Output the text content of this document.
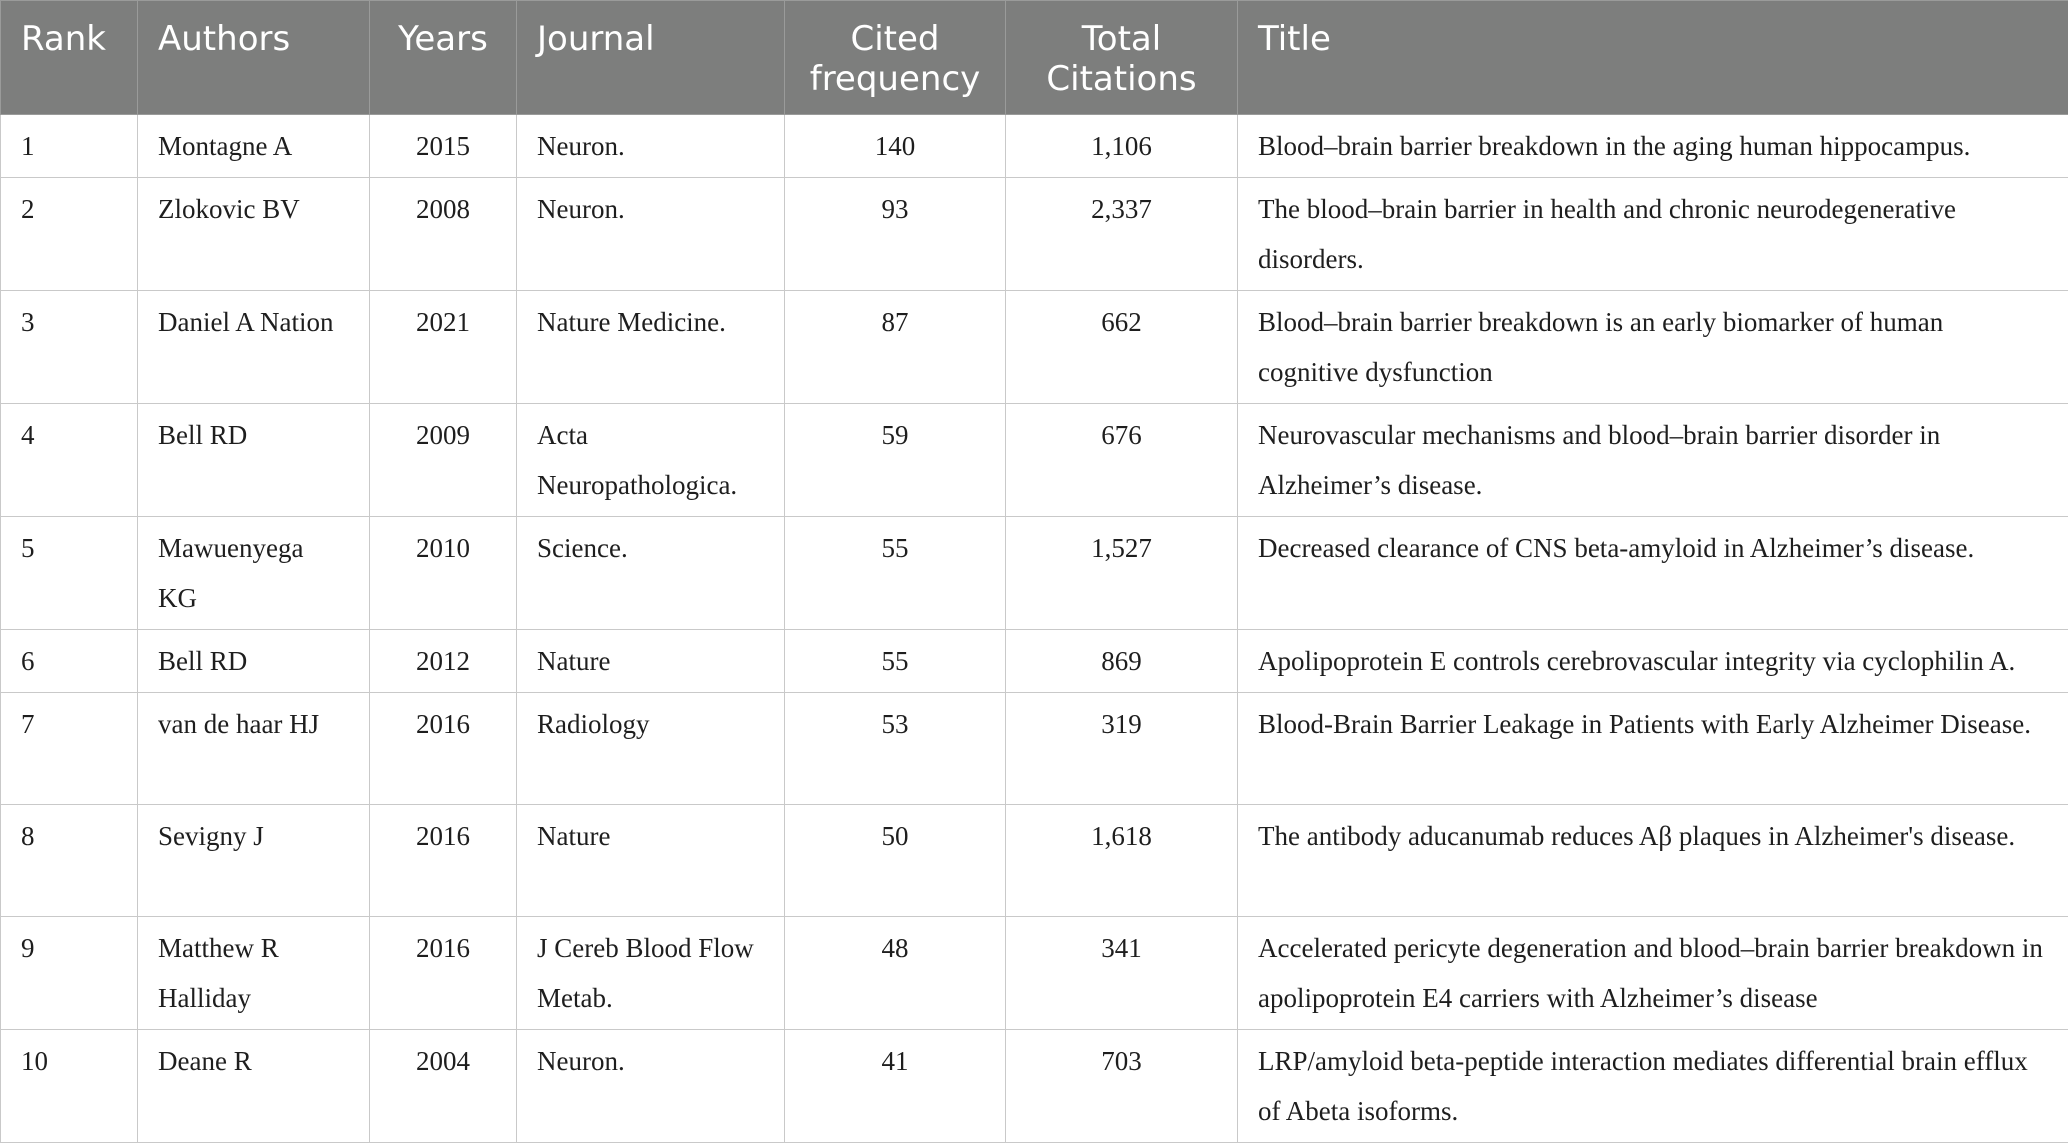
Rank	Authors	Years	Journal	Cited frequency	Total Citations	Title
1	Montagne A	2015	Neuron.	140	1,106	Blood–brain barrier breakdown in the aging human hippocampus.
2	Zlokovic BV	2008	Neuron.	93	2,337	The blood–brain barrier in health and chronic neurodegenerative disorders.
3	Daniel A Nation	2021	Nature Medicine.	87	662	Blood–brain barrier breakdown is an early biomarker of human cognitive dysfunction
4	Bell RD	2009	Acta Neuropathologica.	59	676	Neurovascular mechanisms and blood–brain barrier disorder in Alzheimer’s disease.
5	Mawuenyega KG	2010	Science.	55	1,527	Decreased clearance of CNS beta-amyloid in Alzheimer’s disease.
6	Bell RD	2012	Nature	55	869	Apolipoprotein E controls cerebrovascular integrity via cyclophilin A.
7	van de haar HJ	2016	Radiology	53	319	Blood-Brain Barrier Leakage in Patients with Early Alzheimer Disease.
8	Sevigny J	2016	Nature	50	1,618	The antibody aducanumab reduces Aβ plaques in Alzheimer's disease.
9	Matthew R Halliday	2016	J Cereb Blood Flow Metab.	48	341	Accelerated pericyte degeneration and blood–brain barrier breakdown in apolipoprotein E4 carriers with Alzheimer’s disease
10	Deane R	2004	Neuron.	41	703	LRP/amyloid beta-peptide interaction mediates differential brain efflux of Abeta isoforms.
